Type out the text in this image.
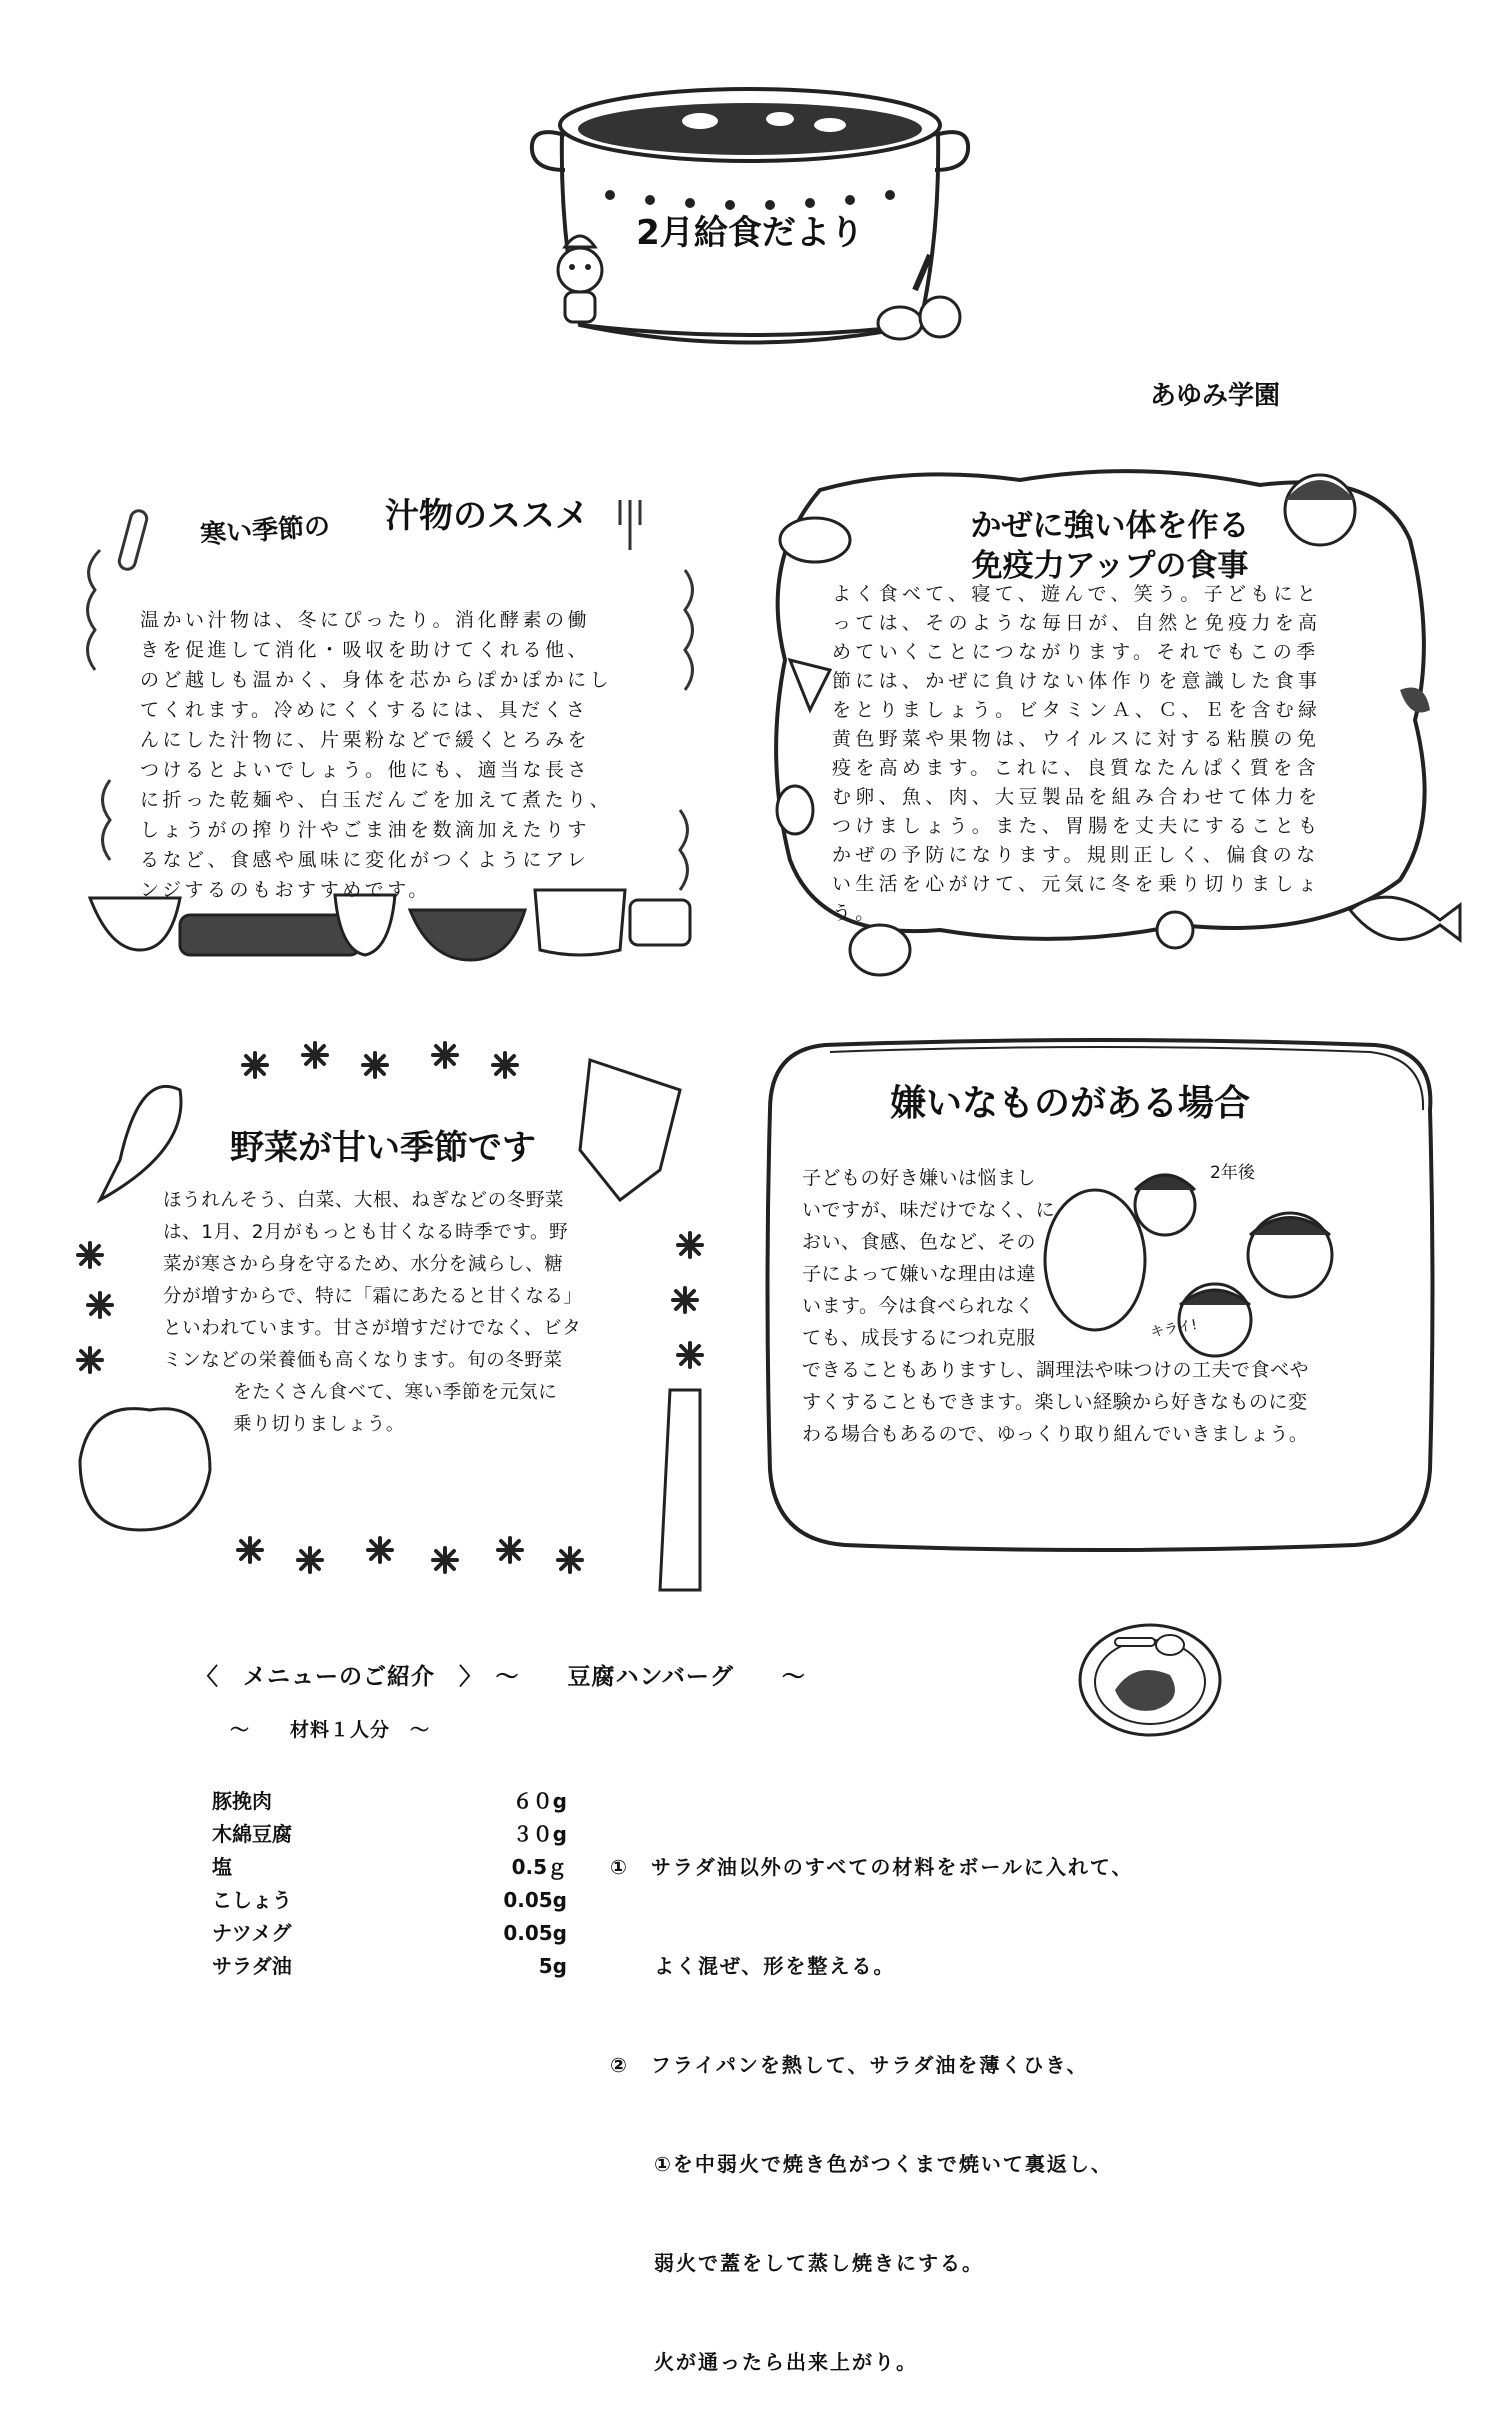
2月給食だより
あゆみ学園
寒い季節の 汁物のススメ
温かい汁物は、冬にぴったり。消化酵素の働
きを促進して消化・吸収を助けてくれる他、
のど越しも温かく、身体を芯からぽかぽかにし
てくれます。冷めにくくするには、具だくさ
んにした汁物に、片栗粉などで緩くとろみを
つけるとよいでしょう。他にも、適当な長さ
に折った乾麺や、白玉だんごを加えて煮たり、
しょうがの搾り汁やごま油を数滴加えたりす
るなど、食感や風味に変化がつくようにアレ
ンジするのもおすすめです。
かぜに強い体を作る
免疫力アップの食事
よく食べて、寝て、遊んで、笑う。子どもにと
っては、そのような毎日が、自然と免疫力を高
めていくことにつながります。それでもこの季
節には、かぜに負けない体作りを意識した食事
をとりましょう。ビタミンＡ、Ｃ、Ｅを含む緑
黄色野菜や果物は、ウイルスに対する粘膜の免
疫を高めます。これに、良質なたんぱく質を含
む卵、魚、肉、大豆製品を組み合わせて体力を
つけましょう。また、胃腸を丈夫にすることも
かぜの予防になります。規則正しく、偏食のな
い生活を心がけて、元気に冬を乗り切りましょ
う。
野菜が甘い季節です
ほうれんそう、白菜、大根、ねぎなどの冬野菜
は、1月、2月がもっとも甘くなる時季です。野
菜が寒さから身を守るため、水分を減らし、糖
分が増すからで、特に「霜にあたると甘くなる」
といわれています。甘さが増すだけでなく、ビタ
ミンなどの栄養価も高くなります。旬の冬野菜
をたくさん食べて、寒い季節を元気に
乗り切りましょう。
2年後
キライ!
嫌いなものがある場合
子どもの好き嫌いは悩まし
いですが、味だけでなく、に
おい、食感、色など、その
子によって嫌いな理由は違
います。今は食べられなく
ても、成長するにつれ克服
できることもありますし、調理法や味つけの工夫で食べや
すくすることもできます。楽しい経験から好きなものに変
わる場合もあるので、ゆっくり取り組んでいきましょう。
〈　メニューのご紹介　〉　～　　豆腐ハンバーグ　　～
～　　材料１人分　～
豚挽肉	６０g
木綿豆腐	３０g
塩	0.5ｇ
こしょう	0.05g
ナツメグ	0.05g
サラダ油	5g

①　サラダ油以外のすべての材料をボールに入れて、

　　よく混ぜ、形を整える。

②　フライパンを熱して、サラダ油を薄くひき、

　　①を中弱火で焼き色がつくまで焼いて裏返し、

　　弱火で蓋をして蒸し焼きにする。

　　火が通ったら出来上がり。
